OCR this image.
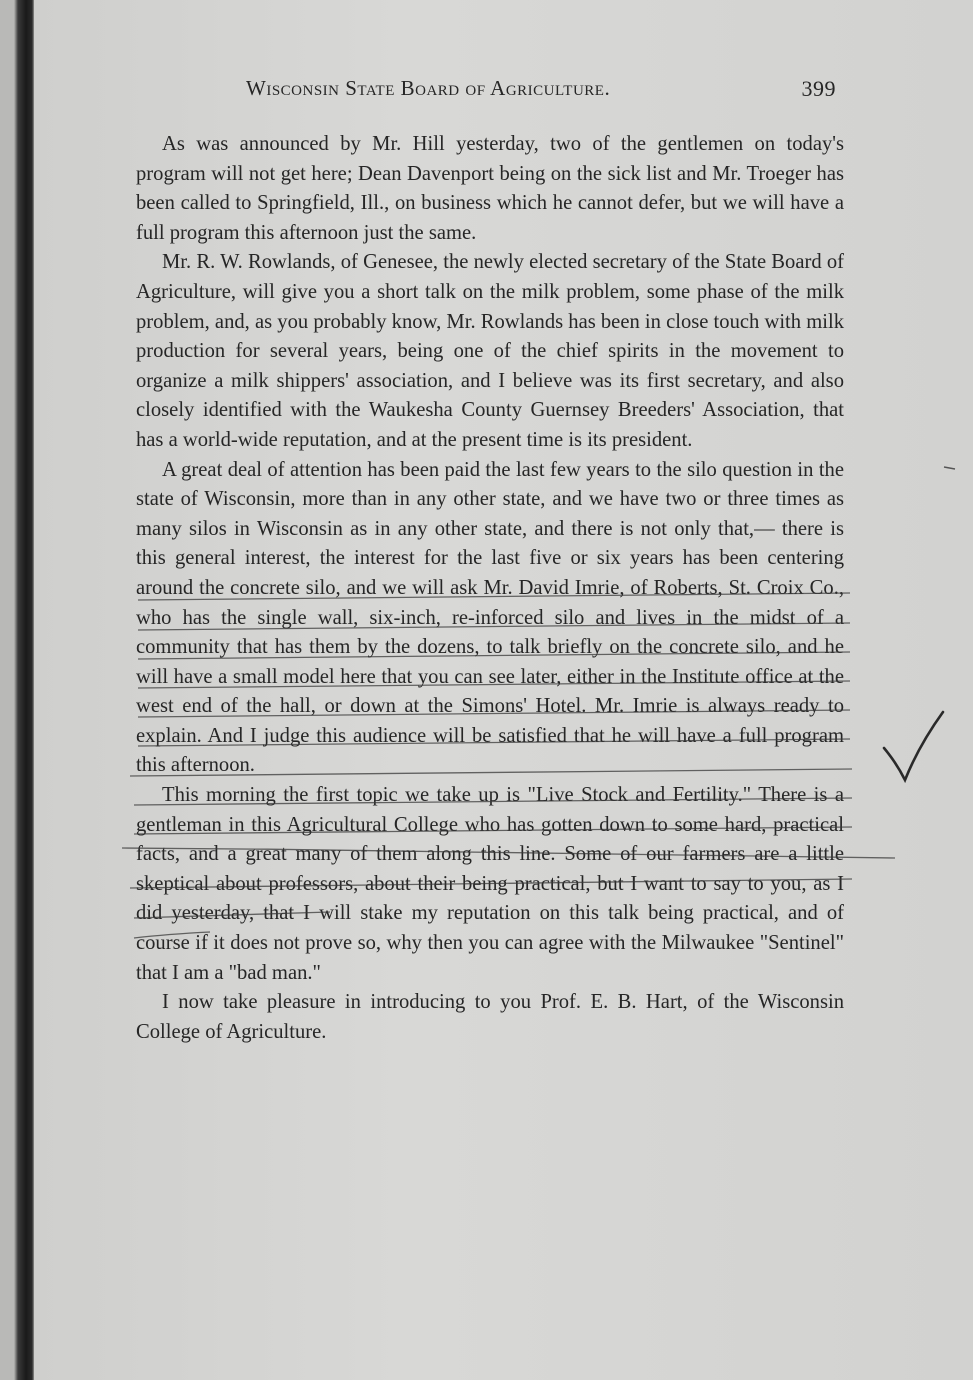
Wisconsin State Board of Agriculture.	399

As was announced by Mr. Hill yesterday, two of the gentlemen on today's program will not get here; Dean Davenport being on the sick list and Mr. Troeger has been called to Springfield, Ill., on business which he cannot defer, but we will have a full program this afternoon just the same.

Mr. R. W. Rowlands, of Genesee, the newly elected secretary of the State Board of Agriculture, will give you a short talk on the milk problem, some phase of the milk problem, and, as you probably know, Mr. Rowlands has been in close touch with milk production for several years, being one of the chief spirits in the movement to organize a milk shippers' association, and I believe was its first secretary, and also closely identified with the Waukesha County Guernsey Breeders' Association, that has a world-wide reputation, and at the present time is its president.

A great deal of attention has been paid the last few years to the silo question in the state of Wisconsin, more than in any other state, and we have two or three times as many silos in Wisconsin as in any other state, and there is not only that,— there is this general interest, the interest for the last five or six years has been centering around the concrete silo, and we will ask Mr. David Imrie, of Roberts, St. Croix Co., who has the single wall, six-inch, re-inforced silo and lives in the midst of a community that has them by the dozens, to talk briefly on the concrete silo, and he will have a small model here that you can see later, either in the Institute office at the west end of the hall, or down at the Simons' Hotel. Mr. Imrie is always ready to explain. And I judge this audience will be satisfied that he will have a full program this afternoon.

This morning the first topic we take up is "Live Stock and Fertility." There is a gentleman in this Agricultural College who has gotten down to some hard, practical facts, and a great many of them along this line. Some of our farmers are a little skeptical about professors, about their being practical, but I want to say to you, as I did yesterday, that I will stake my reputation on this talk being practical, and of course if it does not prove so, why then you can agree with the Milwaukee "Sentinel" that I am a "bad man."

I now take pleasure in introducing to you Prof. E. B. Hart, of the Wisconsin College of Agriculture.
